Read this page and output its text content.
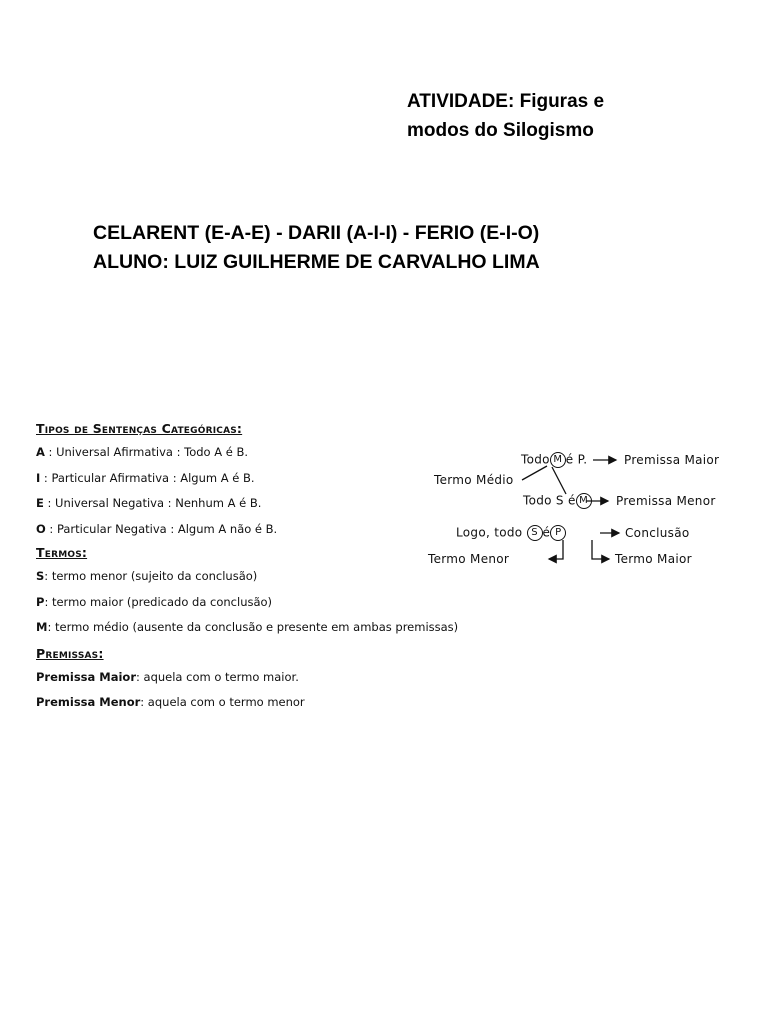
ATIVIDADE: Figuras e
modos do Silogismo
CELARENT (E-A-E) - DARII (A-I-I) - FERIO (E-I-O)
ALUNO: LUIZ GUILHERME DE CARVALHO LIMA
Tipos de Sentenças Categóricas:
A : Universal Afirmativa : Todo A é B.
I : Particular Afirmativa : Algum A é B.
E : Universal Negativa : Nenhum A é B.
O : Particular Negativa : Algum A não é B.
Termos:
S: termo menor (sujeito da conclusão)
P: termo maior (predicado da conclusão)
M: termo médio (ausente da conclusão e presente em ambas premissas)
Premissas:
Premissa Maior: aquela com o termo maior.
Premissa Menor: aquela com o termo menor
Todo M é P.	Premissa Maior
Termo Médio
Todo S é M Premissa Menor
Logo, todo S é P	Conclusão
Termo Menor	Termo Maior
